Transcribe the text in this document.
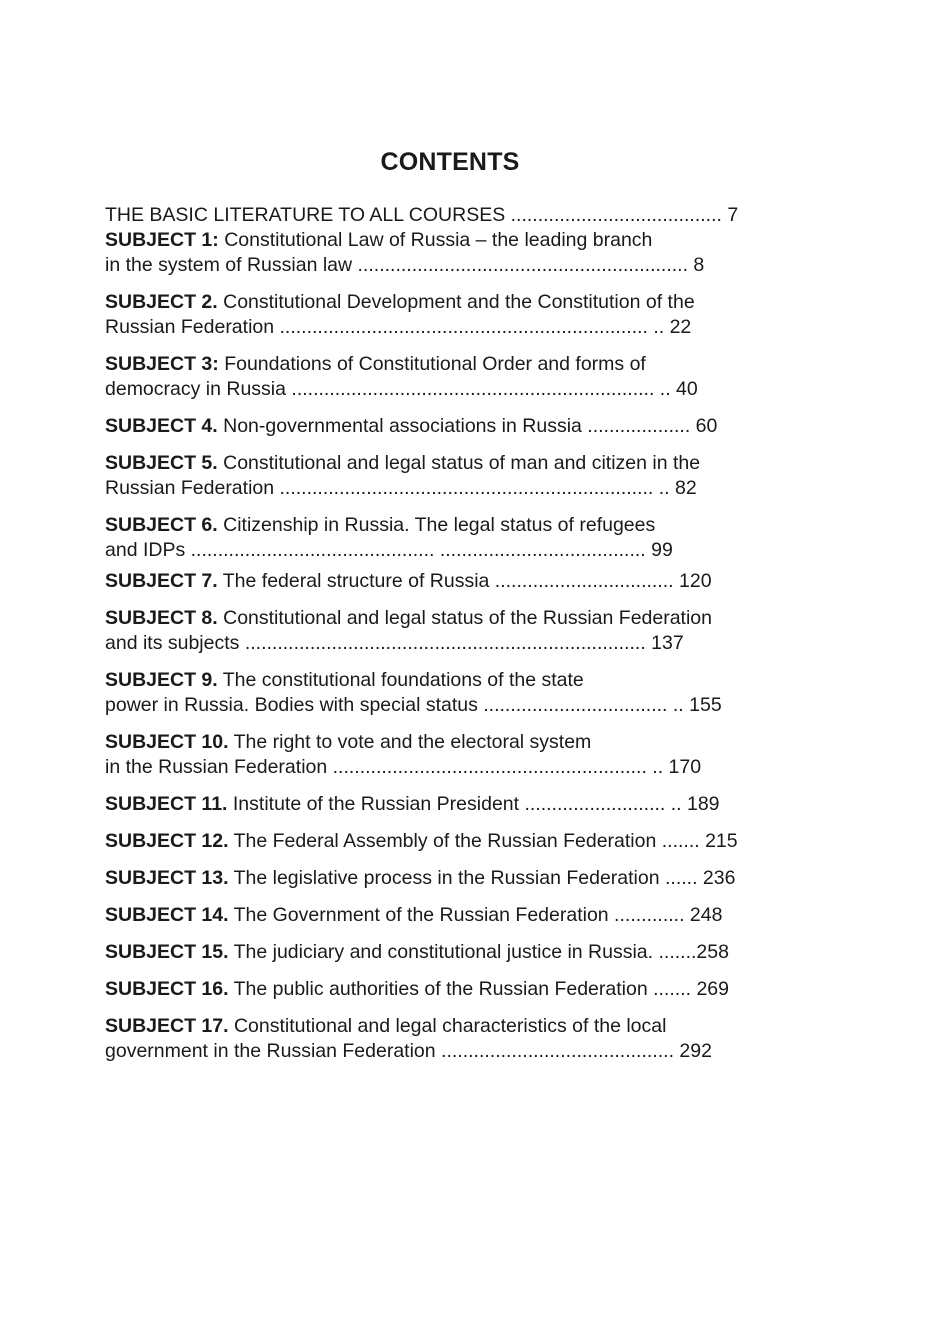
CONTENTS
THE BASIC LITERATURE TO ALL COURSES ....................................... 7
SUBJECT 1: Constitutional Law of Russia – the leading branch
in the system of Russian law ............................................................. 8
SUBJECT 2. Constitutional Development and the Constitution of the
Russian Federation .................................................................... .. 22
SUBJECT 3: Foundations of Constitutional Order and forms of
democracy in Russia ................................................................... .. 40
SUBJECT 4. Non-governmental associations in Russia ................... 60
SUBJECT 5. Constitutional and legal status of man and citizen in the
Russian Federation ..................................................................... .. 82
SUBJECT 6. Citizenship in Russia. The legal status of refugees
and IDPs ............................................. ...................................... 99
SUBJECT 7. The federal structure of Russia ................................. 120
SUBJECT 8. Constitutional and legal status of the Russian Federation
and its subjects .......................................................................... 137
SUBJECT 9. The constitutional foundations of the state
power in Russia. Bodies with special status .................................. .. 155
SUBJECT 10. The right to vote and the electoral system
in the Russian Federation .......................................................... .. 170
SUBJECT 11. Institute of the Russian President .......................... .. 189
SUBJECT 12. The Federal Assembly of the Russian Federation ....... 215
SUBJECT 13. The legislative process in the Russian Federation ...... 236
SUBJECT 14. The Government of the Russian Federation ............. 248
SUBJECT 15. The judiciary and constitutional justice in Russia. .......258
SUBJECT 16. The public authorities of the Russian Federation ....... 269
SUBJECT 17. Constitutional and legal characteristics of the local
government in the Russian Federation ........................................... 292
